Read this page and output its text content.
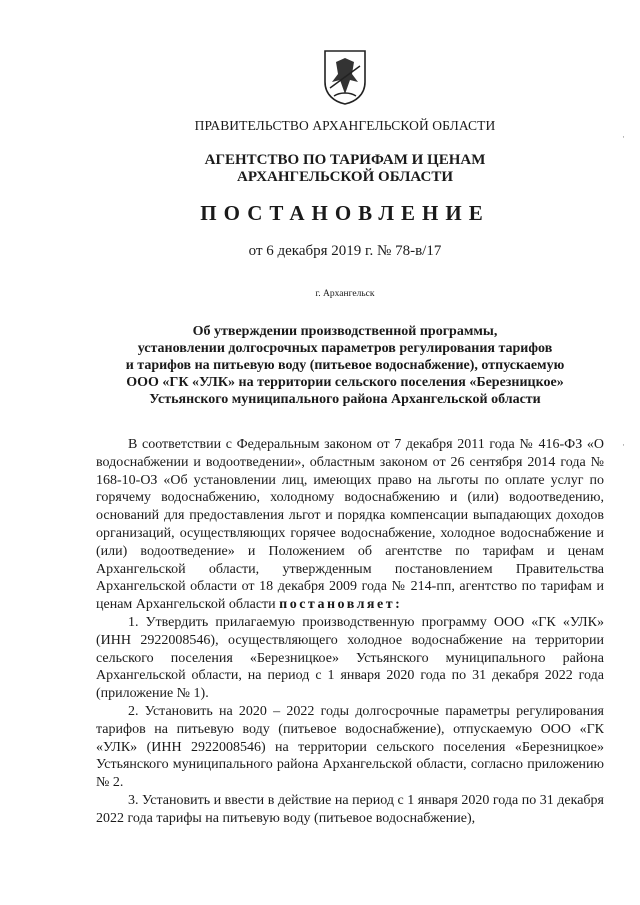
ПРАВИТЕЛЬСТВО АРХАНГЕЛЬСКОЙ ОБЛАСТИ
АГЕНТСТВО ПО ТАРИФАМ И ЦЕНАМ
АРХАНГЕЛЬСКОЙ ОБЛАСТИ
ПОСТАНОВЛЕНИЕ
от 6 декабря 2019 г. № 78-в/17
г. Архангельск
Об утверждении производственной программы,
установлении долгосрочных параметров регулирования тарифов
и тарифов на питьевую воду (питьевое водоснабжение), отпускаемую
ООО «ГК «УЛК» на территории сельского поселения «Березницкое»
Устьянского муниципального района Архангельской области

В соответствии с Федеральным законом от 7 декабря 2011 года № 416-ФЗ «О водоснабжении и водоотведении», областным законом от 26 сентября 2014 года № 168-10-ОЗ «Об установлении лиц, имеющих право на льготы по оплате услуг по горячему водоснабжению, холодному водоснабжению и (или) водоотведению, оснований для предоставления льгот и порядка компенсации выпадающих доходов организаций, осуществляющих горячее водоснабжение, холодное водоснабжение и (или) водоотведение» и Положением об агентстве по тарифам и ценам Архангельской области, утвержденным постановлением Правительства Архангельской области от 18 декабря 2009 года № 214-пп, агентство по тарифам и ценам Архангельской области постановляет:

1. Утвердить прилагаемую производственную программу ООО «ГК «УЛК» (ИНН 2922008546), осуществляющего холодное водоснабжение на территории сельского поселения «Березницкое» Устьянского муниципального района Архангельской области, на период с 1 января 2020 года по 31 декабря 2022 года (приложение № 1).

2. Установить на 2020 – 2022 годы долгосрочные параметры регулирования тарифов на питьевую воду (питьевое водоснабжение), отпускаемую ООО «ГК «УЛК» (ИНН 2922008546) на территории сельского поселения «Березницкое» Устьянского муниципального района Архангельской области, согласно приложению № 2.

3. Установить и ввести в действие на период с 1 января 2020 года по 31 декабря 2022 года тарифы на питьевую воду (питьевое водоснабжение),

·
·
